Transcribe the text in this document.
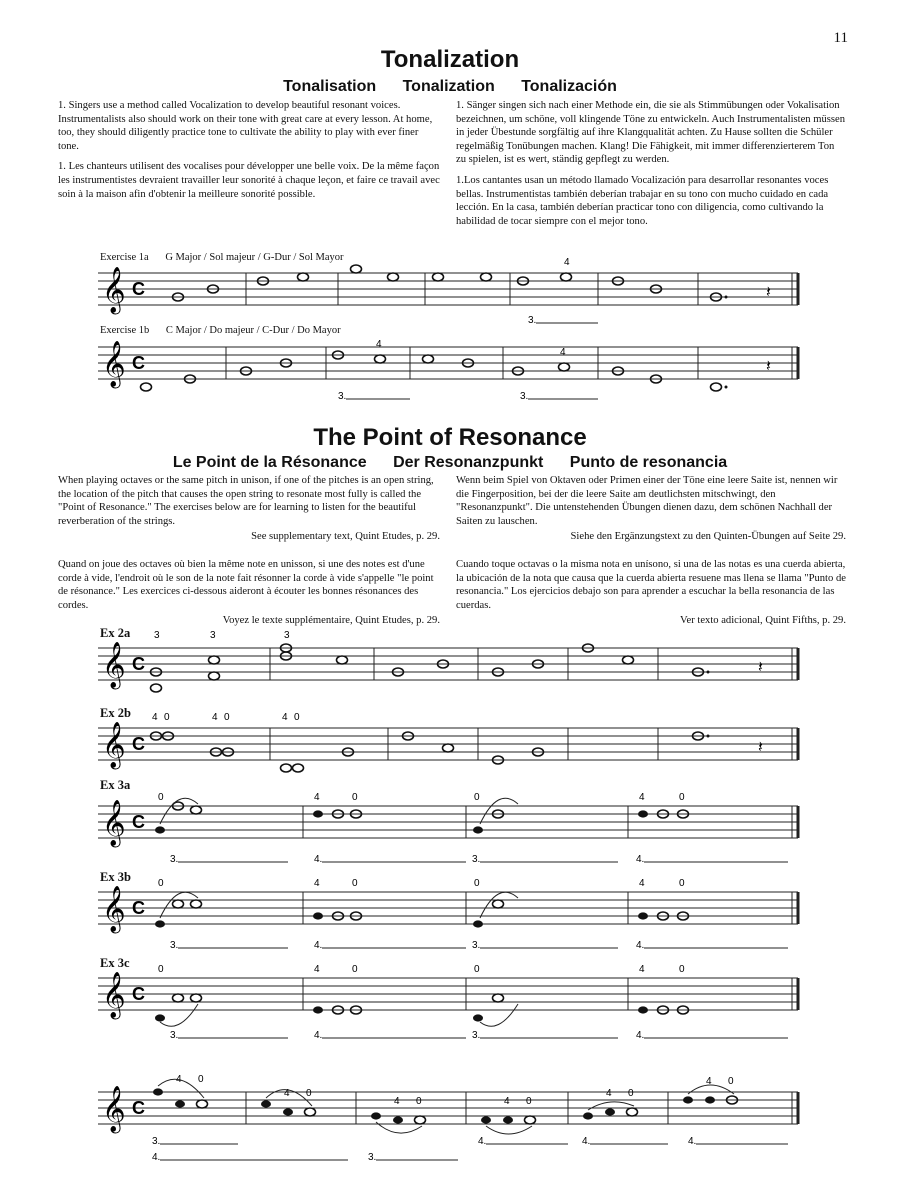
11
Tonalization
Tonalisation Tonalization Tonalización

1. Singers use a method called Vocalization to develop beautiful resonant voices. Instrumentalists also should work on their tone with great care at every lesson. At home, too, they should diligently practice tone to cultivate the ability to play with ever finer tone.

1. Les chanteurs utilisent des vocalises pour développer une belle voix. De la même façon les instrumentistes devraient travailler leur sonorité à chaque leçon, et faire ce travail avec soin à la maison afin d'obtenir la meilleure sonorité possible.

1. Sänger singen sich nach einer Methode ein, die sie als Stimmübungen oder Vokalisation bezeichnen, um schöne, voll klingende Töne zu entwickeln. Auch Instrumentalisten müssen in jeder Übestunde sorgfältig auf ihre Klangqualität achten. Zu Hause sollten die Schüler regelmäßig Tonübungen machen. Klang! Die Fähigkeit, mit immer differenzierterem Ton zu spielen, ist es wert, ständig gepflegt zu werden.

1.Los cantantes usan un método llamado Vocalización para desarrollar resonantes voces bellas. Instrumentistas también deberían trabajar en su tono con mucho cuidado en cada lección. En la casa, también deberían practicar tono con diligencia, como cultivando la habilidad de tocar siempre con el mejor tono.

Exercise 1a G Major / Sol majeur / G-Dur / Sol Mayor
Exercise 1b C Major / Do majeur / C-Dur / Do Mayor
The Point of Resonance
Le Point de la Résonance Der Resonanzpunkt Punto de resonancia
When playing octaves or the same pitch in unison, if one of the pitches is an open string, the location of the pitch that causes the open string to resonate most fully is called the "Point of Resonance." The exercises below are for learning to listen for the beautiful reverberation of the strings.
See supplementary text, Quint Etudes, p. 29.
Quand on joue des octaves où bien la même note en unisson, si une des notes est d'une corde à vide, l'endroit où le son de la note fait résonner la corde à vide s'appelle "le point de résonance." Les exercices ci-dessous aideront à écouter les bonnes résonances des cordes.
Voyez le texte supplémentaire, Quint Etudes, p. 29.
Wenn beim Spiel von Oktaven oder Primen einer der Töne eine leere Saite ist, nennen wir die Fingerposition, bei der die leere Saite am deutlichsten mitschwingt, den "Resonanzpunkt". Die untenstehenden Übungen dienen dazu, dem schönen Nachhall der Saiten zu lauschen.
Siehe den Ergänzungstext zu den Quinten-Übungen auf Seite 29.
Cuando toque octavas o la misma nota en unísono, si una de las notas es una cuerda abierta, la ubicación de la nota que causa que la cuerda abierta resuene mas llena se llama "Punto de resonancia." Los ejercicios debajo son para aprender a escuchar la bella resonancia de las cuerdas.
Ver texto adicional, Quint Fifths, p. 29.
Ex 2a
Ex 2b
Ex 3a
Ex 3b
Ex 3c
𝄞 C	𝄽
4
3.
𝄞 C	𝄽
4
4
3.	3.
𝄞 C	𝄽
3	3	3
𝄞 C	𝄽
4 0	4 0	4 0
𝄞 C
0	4	0	0	4	0
3.	4.	3.	4.
𝄞 C
0	4	0	0	4	0
3.	4.	3.	4.
𝄞 C
0	4	0	0	4	0
3.	4.	3.	4.
𝄞 C
4 0
4 0
4 0	4 0
4 0
4 0
3.
4.	3.
4.	4.	4.
